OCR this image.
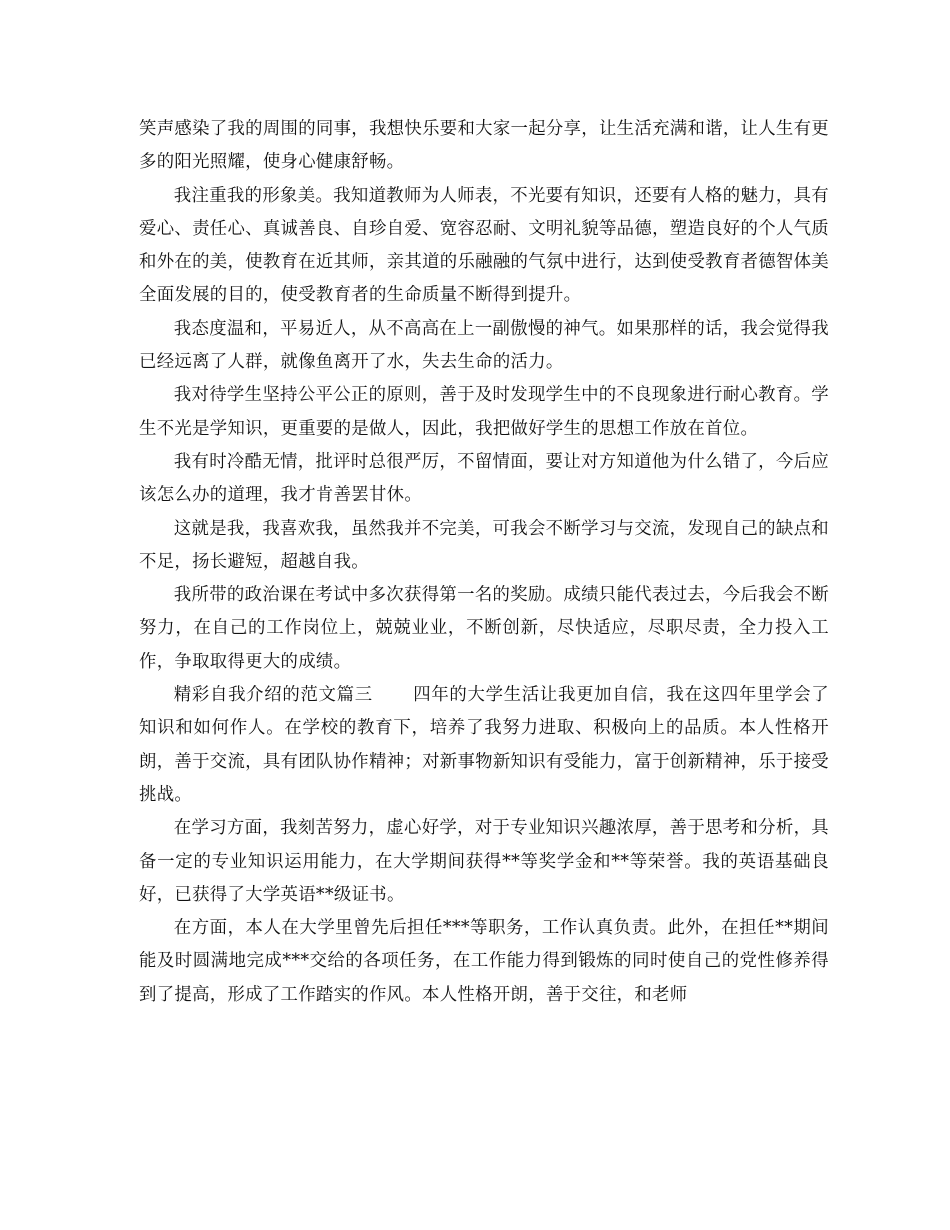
笑声感染了我的周围的同事，我想快乐要和大家一起分享，让生活充满和谐，让人生有更多的阳光照耀，使身心健康舒畅。

我注重我的形象美。我知道教师为人师表，不光要有知识，还要有人格的魅力，具有爱心、责任心、真诚善良、自珍自爱、宽容忍耐、文明礼貌等品德，塑造良好的个人气质和外在的美，使教育在近其师，亲其道的乐融融的气氛中进行，达到使受教育者德智体美全面发展的目的，使受教育者的生命质量不断得到提升。

我态度温和，平易近人，从不高高在上一副傲慢的神气。如果那样的话，我会觉得我已经远离了人群，就像鱼离开了水，失去生命的活力。

我对待学生坚持公平公正的原则，善于及时发现学生中的不良现象进行耐心教育。学生不光是学知识，更重要的是做人，因此，我把做好学生的思想工作放在首位。

我有时冷酷无情，批评时总很严厉，不留情面，要让对方知道他为什么错了，今后应该怎么办的道理，我才肯善罢甘休。

这就是我，我喜欢我，虽然我并不完美，可我会不断学习与交流，发现自己的缺点和不足，扬长避短，超越自我。

我所带的政治课在考试中多次获得第一名的奖励。成绩只能代表过去，今后我会不断努力，在自己的工作岗位上，兢兢业业，不断创新，尽快适应，尽职尽责，全力投入工作，争取取得更大的成绩。

精彩自我介绍的范文篇三 四年的大学生活让我更加自信，我在这四年里学会了知识和如何作人。在学校的教育下，培养了我努力进取、积极向上的品质。本人性格开朗，善于交流，具有团队协作精神；对新事物新知识有受能力，富于创新精神，乐于接受挑战。

在学习方面，我刻苦努力，虚心好学，对于专业知识兴趣浓厚，善于思考和分析，具备一定的专业知识运用能力，在大学期间获得**等奖学金和**等荣誉。我的英语基础良好，已获得了大学英语**级证书。

在方面，本人在大学里曾先后担任***等职务，工作认真负责。此外，在担任**期间能及时圆满地完成***交给的各项任务，在工作能力得到锻炼的同时使自己的党性修养得到了提高，形成了工作踏实的作风。本人性格开朗，善于交往，和老师
